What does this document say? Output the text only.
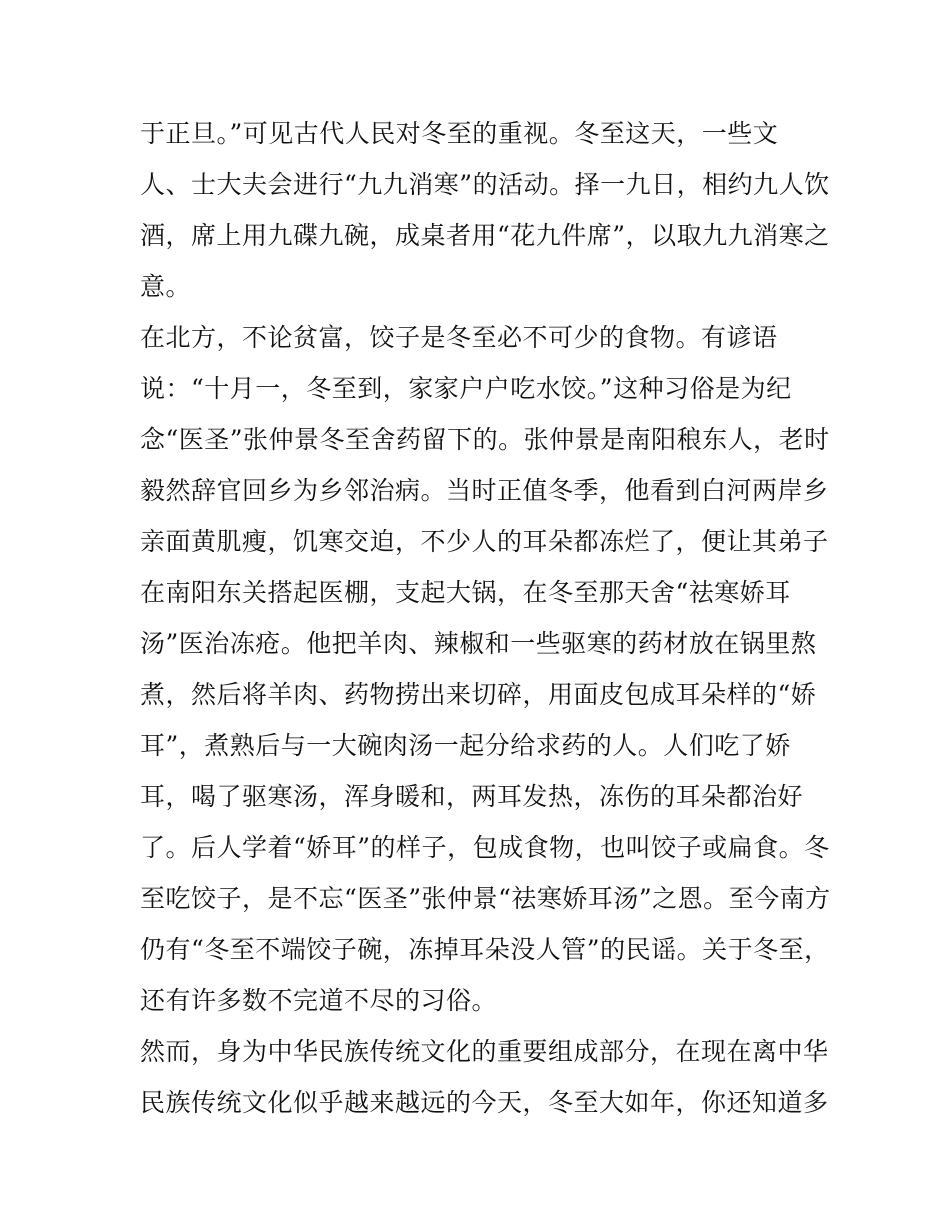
于正旦。”可见古代人民对冬至的重视。冬至这天，一些文
人、士大夫会进行“九九消寒”的活动。择一九日，相约九人饮
酒，席上用九碟九碗，成桌者用“花九件席”，以取九九消寒之
意。
在北方，不论贫富，饺子是冬至必不可少的食物。有谚语
说：“十月一，冬至到，家家户户吃水饺。”这种习俗是为纪
念“医圣”张仲景冬至舍药留下的。张仲景是南阳稂东人，老时
毅然辞官回乡为乡邻治病。当时正值冬季，他看到白河两岸乡
亲面黄肌瘦，饥寒交迫，不少人的耳朵都冻烂了，便让其弟子
在南阳东关搭起医棚，支起大锅，在冬至那天舍“祛寒娇耳
汤”医治冻疮。他把羊肉、辣椒和一些驱寒的药材放在锅里熬
煮，然后将羊肉、药物捞出来切碎，用面皮包成耳朵样的“娇
耳”，煮熟后与一大碗肉汤一起分给求药的人。人们吃了娇
耳，喝了驱寒汤，浑身暖和，两耳发热，冻伤的耳朵都治好
了。后人学着“娇耳”的样子，包成食物，也叫饺子或扁食。冬
至吃饺子，是不忘“医圣”张仲景“祛寒娇耳汤”之恩。至今南方
仍有“冬至不端饺子碗，冻掉耳朵没人管”的民谣。关于冬至，
还有许多数不完道不尽的习俗。
然而，身为中华民族传统文化的重要组成部分，在现在离中华
民族传统文化似乎越来越远的今天，冬至大如年，你还知道多
